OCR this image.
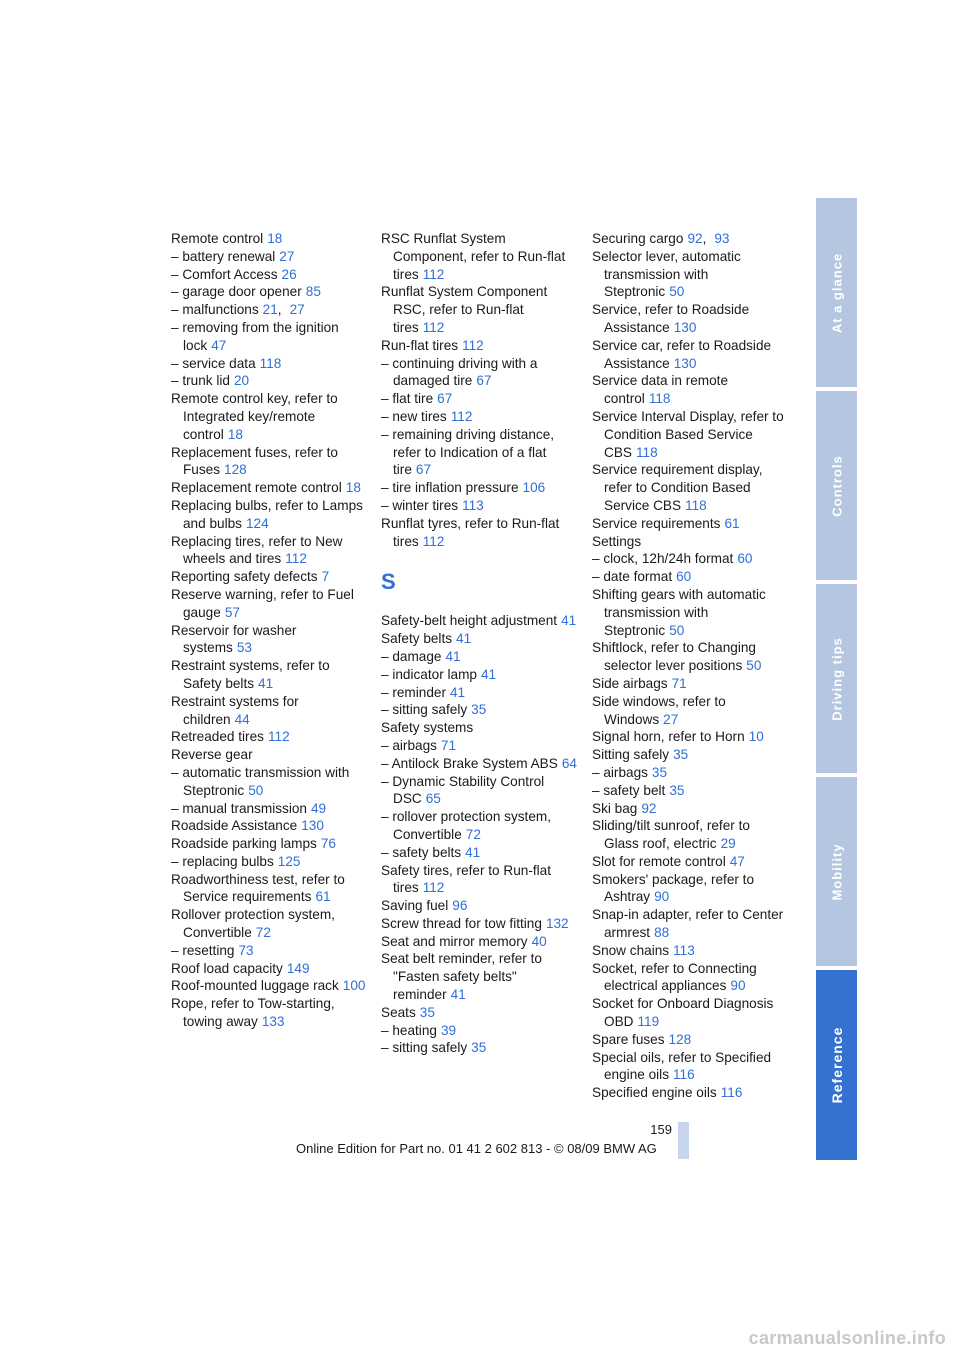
Remote control 18
– battery renewal 27
– Comfort Access 26
– garage door opener 85
– malfunctions 21, 27
– removing from the ignition lock 47
– service data 118
– trunk lid 20
Remote control key, refer to Integrated key/remote control 18
Replacement fuses, refer to Fuses 128
Replacement remote control 18
Replacing bulbs, refer to Lamps and bulbs 124
Replacing tires, refer to New wheels and tires 112
Reporting safety defects 7
Reserve warning, refer to Fuel gauge 57
Reservoir for washer systems 53
Restraint systems, refer to Safety belts 41
Restraint systems for children 44
Retreaded tires 112
Reverse gear
– automatic transmission with Steptronic 50
– manual transmission 49
Roadside Assistance 130
Roadside parking lamps 76
– replacing bulbs 125
Roadworthiness test, refer to Service requirements 61
Rollover protection system, Convertible 72
– resetting 73
Roof load capacity 149
Roof-mounted luggage rack 100
Rope, refer to Tow-starting, towing away 133
RSC Runflat System Component, refer to Run-flat tires 112
Runflat System Component RSC, refer to Run-flat tires 112
Run-flat tires 112
– continuing driving with a damaged tire 67
– flat tire 67
– new tires 112
– remaining driving distance, refer to Indication of a flat tire 67
– tire inflation pressure 106
– winter tires 113
Runflat tyres, refer to Run-flat tires 112
S
Safety-belt height adjustment 41
Safety belts 41
– damage 41
– indicator lamp 41
– reminder 41
– sitting safely 35
Safety systems
– airbags 71
– Antilock Brake System ABS 64
– Dynamic Stability Control DSC 65
– rollover protection system, Convertible 72
– safety belts 41
Safety tires, refer to Run-flat tires 112
Saving fuel 96
Screw thread for tow fitting 132
Seat and mirror memory 40
Seat belt reminder, refer to "Fasten safety belts" reminder 41
Seats 35
– heating 39
– sitting safely 35
Securing cargo 92, 93
Selector lever, automatic transmission with Steptronic 50
Service, refer to Roadside Assistance 130
Service car, refer to Roadside Assistance 130
Service data in remote control 118
Service Interval Display, refer to Condition Based Service CBS 118
Service requirement display, refer to Condition Based Service CBS 118
Service requirements 61
Settings
– clock, 12h/24h format 60
– date format 60
Shifting gears with automatic transmission with Steptronic 50
Shiftlock, refer to Changing selector lever positions 50
Side airbags 71
Side windows, refer to Windows 27
Signal horn, refer to Horn 10
Sitting safely 35
– airbags 35
– safety belt 35
Ski bag 92
Sliding/tilt sunroof, refer to Glass roof, electric 29
Slot for remote control 47
Smokers' package, refer to Ashtray 90
Snap-in adapter, refer to Center armrest 88
Snow chains 113
Socket, refer to Connecting electrical appliances 90
Socket for Onboard Diagnosis OBD 119
Spare fuses 128
Special oils, refer to Specified engine oils 116
Specified engine oils 116
At a glance
Controls
Driving tips
Mobility
Reference
159
Online Edition for Part no. 01 41 2 602 813 - © 08/09 BMW AG
carmanualsonline.info
